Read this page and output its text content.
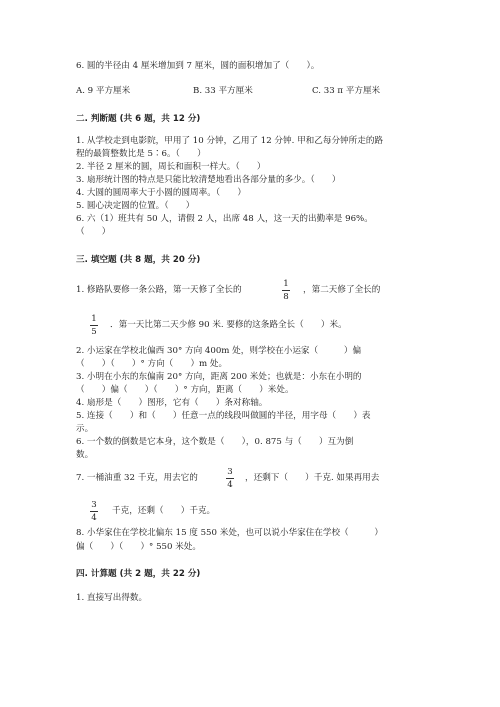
6. 圆的半径由 4 厘米增加到 7 厘米，圆的面积增加了（　　）。
A. 9 平方厘米	B. 33 平方厘米	C. 33 π 平方厘米
二. 判断题 (共 6 题，共 12 分)
1. 从学校走到电影院，甲用了 10 分钟，乙用了 12 分钟. 甲和乙每分钟所走的路
程的最简整数比是 5∶6。（　　）
2. 半径 2 厘米的圆，周长和面积一样大。（　　）
3. 扇形统计图的特点是只能比较清楚地看出各部分量的多少。（　　）
4. 大圆的圆周率大于小圆的圆周率。（　　）
5. 圆心决定圆的位置。（　　）
6. 六（1）班共有 50 人，请假 2 人，出席 48 人，这一天的出勤率是 96%。
（　　）
三. 填空题 (共 8 题，共 20 分)
1. 修路队要修一条公路，第一天修了全长的
1
8
，第二天修了全长的
1
5
．第一天比第二天少修 90 米. 要修的这条路全长（　　）米。
2. 小运家在学校北偏西 30° 方向 400m 处，则学校在小运家（　　　）偏
（　　）（　　）° 方向（　　）m 处。
3. 小明在小东的东偏南 20° 方向，距离 200 米处；也就是：小东在小明的
（　　）偏（　　）（　　）° 方向，距离（　　）米处。
4. 扇形是（　　）图形，它有（　　）条对称轴。
5. 连接（　　）和（　　）任意一点的线段叫做圆的半径，用字母（　　）表
示。
6. 一个数的倒数是它本身，这个数是（　　），0. 875 与（　　）互为倒
数。
7. 一桶油重 32 千克，用去它的
3
4
，还剩下（　　）千克. 如果再用去
3
4
千克，还剩（　　）千克。
8. 小华家住在学校北偏东 15 度 550 米处，也可以说小华家住在学校（　　　）
偏（　　）（　　）° 550 米处。
四. 计算题 (共 2 题，共 22 分)
1. 直接写出得数。
